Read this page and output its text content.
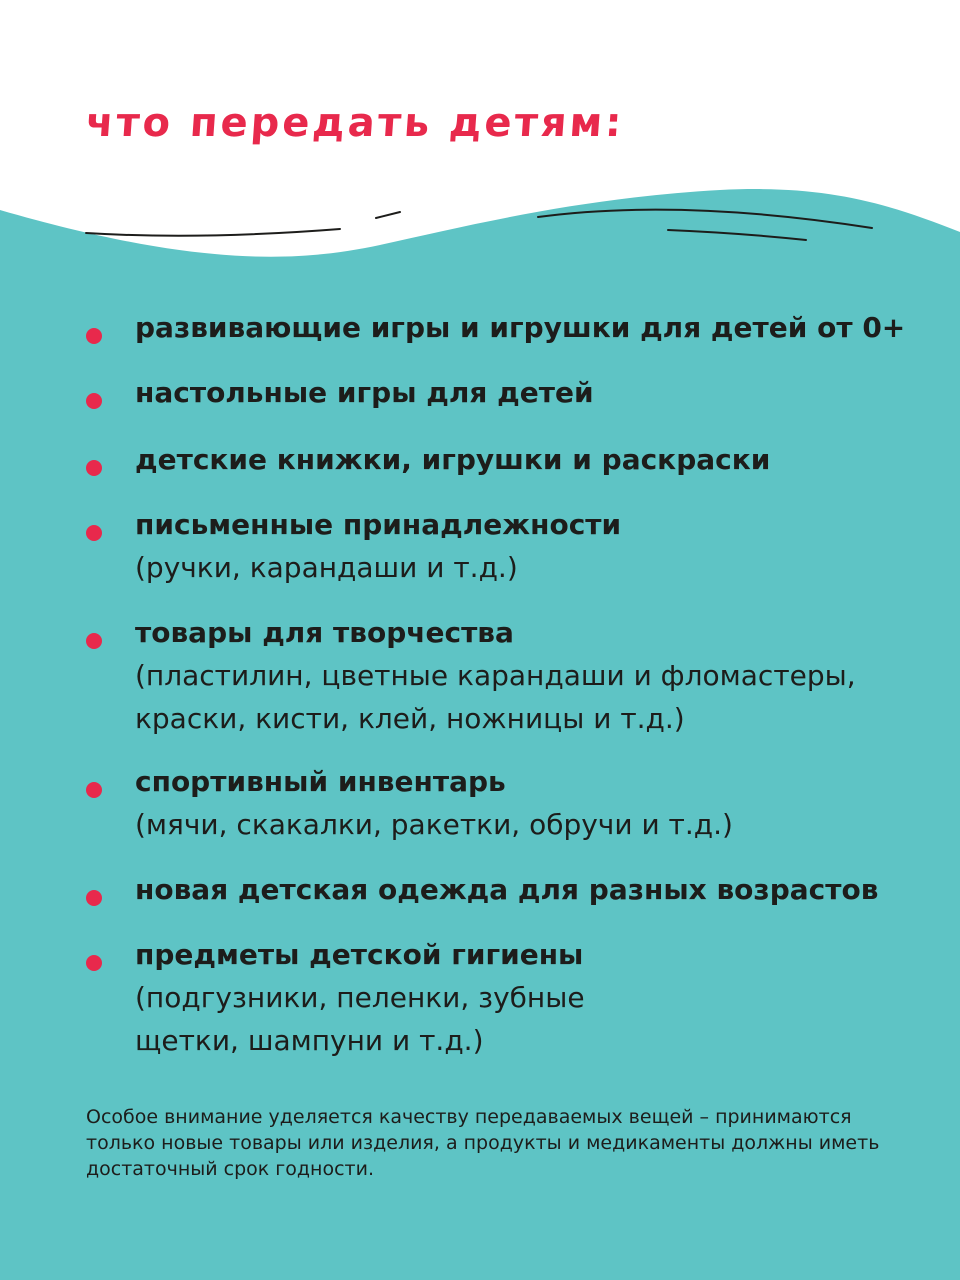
что передать детям:
развивающие игры и игрушки для детей от 0+
настольные игры для детей
детские книжки, игрушки и раскраски
письменные принадлежности
(ручки, карандаши и т.д.)
товары для творчества
(пластилин, цветные карандаши и фломастеры,
краски, кисти, клей, ножницы и т.д.)
спортивный инвентарь
(мячи, скакалки, ракетки, обручи и т.д.)
новая детская одежда для разных возрастов
предметы детской гигиены
(подгузники, пеленки, зубные
щетки, шампуни и т.д.)

Особое внимание уделяется качеству передаваемых вещей – принимаются только новые товары или изделия, а продукты и медикаменты должны иметь достаточный срок годности.
